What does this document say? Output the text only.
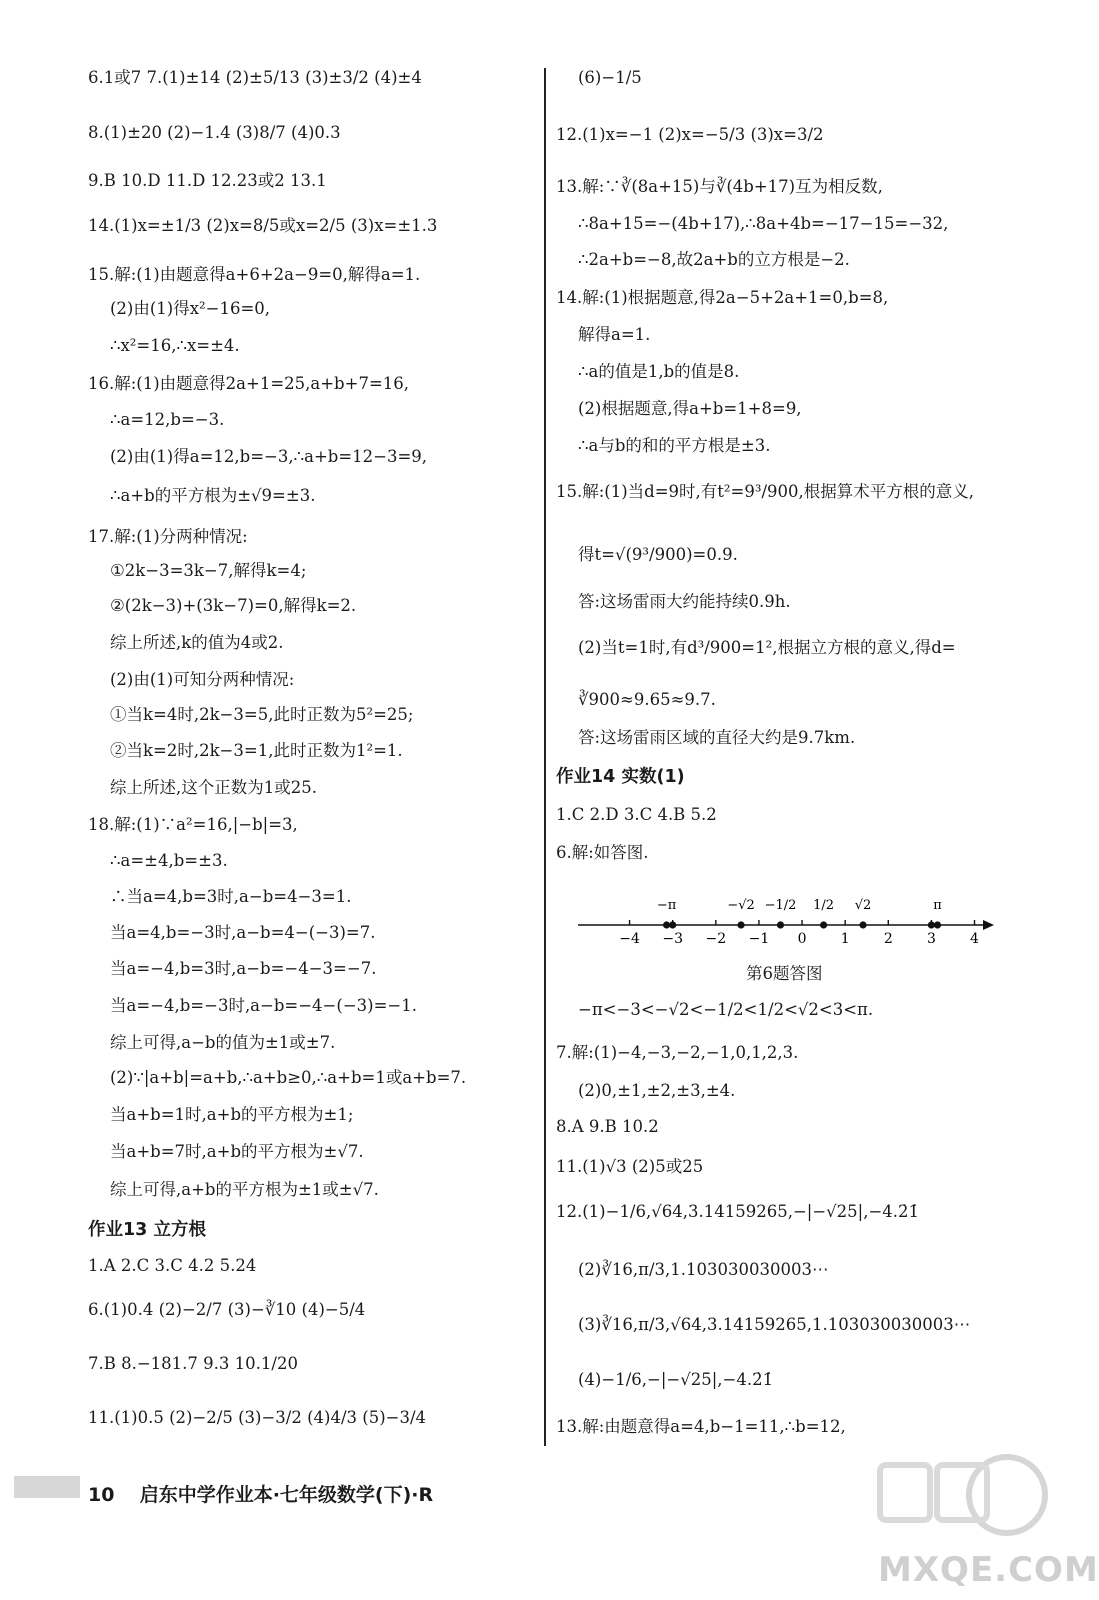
6.1或7 7.(1)±14 (2)±5/13 (3)±3/2 (4)±4
8.(1)±20 (2)−1.4 (3)8/7 (4)0.3
9.B 10.D 11.D 12.23或2 13.1
14.(1)x=±1/3 (2)x=8/5或x=2/5 (3)x=±1.3
15.解:(1)由题意得a+6+2a−9=0,解得a=1.
(2)由(1)得x²−16=0,
∴x²=16,∴x=±4.
16.解:(1)由题意得2a+1=25,a+b+7=16,
∴a=12,b=−3.
(2)由(1)得a=12,b=−3,∴a+b=12−3=9,
∴a+b的平方根为±√9=±3.
17.解:(1)分两种情况:
①2k−3=3k−7,解得k=4;
②(2k−3)+(3k−7)=0,解得k=2.
综上所述,k的值为4或2.
(2)由(1)可知分两种情况:
①当k=4时,2k−3=5,此时正数为5²=25;
②当k=2时,2k−3=1,此时正数为1²=1.
综上所述,这个正数为1或25.
18.解:(1)∵a²=16,|−b|=3,
∴a=±4,b=±3.
∴当a=4,b=3时,a−b=4−3=1.
当a=4,b=−3时,a−b=4−(−3)=7.
当a=−4,b=3时,a−b=−4−3=−7.
当a=−4,b=−3时,a−b=−4−(−3)=−1.
综上可得,a−b的值为±1或±7.
(2)∵|a+b|=a+b,∴a+b≥0,∴a+b=1或a+b=7.
当a+b=1时,a+b的平方根为±1;
当a+b=7时,a+b的平方根为±√7.
综上可得,a+b的平方根为±1或±√7.
作业13 立方根
1.A 2.C 3.C 4.2 5.24
6.(1)0.4 (2)−2/7 (3)−∛10 (4)−5/4
7.B 8.−181.7 9.3 10.1/20
11.(1)0.5 (2)−2/5 (3)−3/2 (4)4/3 (5)−3/4
(6)−1/5
12.(1)x=−1 (2)x=−5/3 (3)x=3/2
13.解:∵∛(8a+15)与∛(4b+17)互为相反数,
∴8a+15=−(4b+17),∴8a+4b=−17−15=−32,
∴2a+b=−8,故2a+b的立方根是−2.
14.解:(1)根据题意,得2a−5+2a+1=0,b=8,
解得a=1.
∴a的值是1,b的值是8.
(2)根据题意,得a+b=1+8=9,
∴a与b的和的平方根是±3.
15.解:(1)当d=9时,有t²=9³/900,根据算术平方根的意义,
得t=√(9³/900)=0.9.
答:这场雷雨大约能持续0.9h.
(2)当t=1时,有d³/900=1²,根据立方根的意义,得d=
∛900≈9.65≈9.7.
答:这场雷雨区域的直径大约是9.7km.
作业14 实数(1)
1.C 2.D 3.C 4.B 5.2
6.解:如答图.
−π<−3<−√2<−1/2<1/2<√2<3<π.
7.解:(1)−4,−3,−2,−1,0,1,2,3.
(2)0,±1,±2,±3,±4.
8.A 9.B 10.2
11.(1)√3 (2)5或25
12.(1)−1/6,√64,3.14159265,−|−√25|,−4.2̇1̇
(2)∛16,π/3,1.103030030003⋯
(3)∛16,π/3,√64,3.14159265,1.103030030003⋯
(4)−1/6,−|−√25|,−4.2̇1̇
13.解:由题意得a=4,b−1=11,∴b=12,
−4 −3 −2 −1 0 1 2 3 4
−π	−√2 −1/2 1/2 √2	π
第6题答图
10 启东中学作业本·七年级数学(下)·R
MXQE.COM
